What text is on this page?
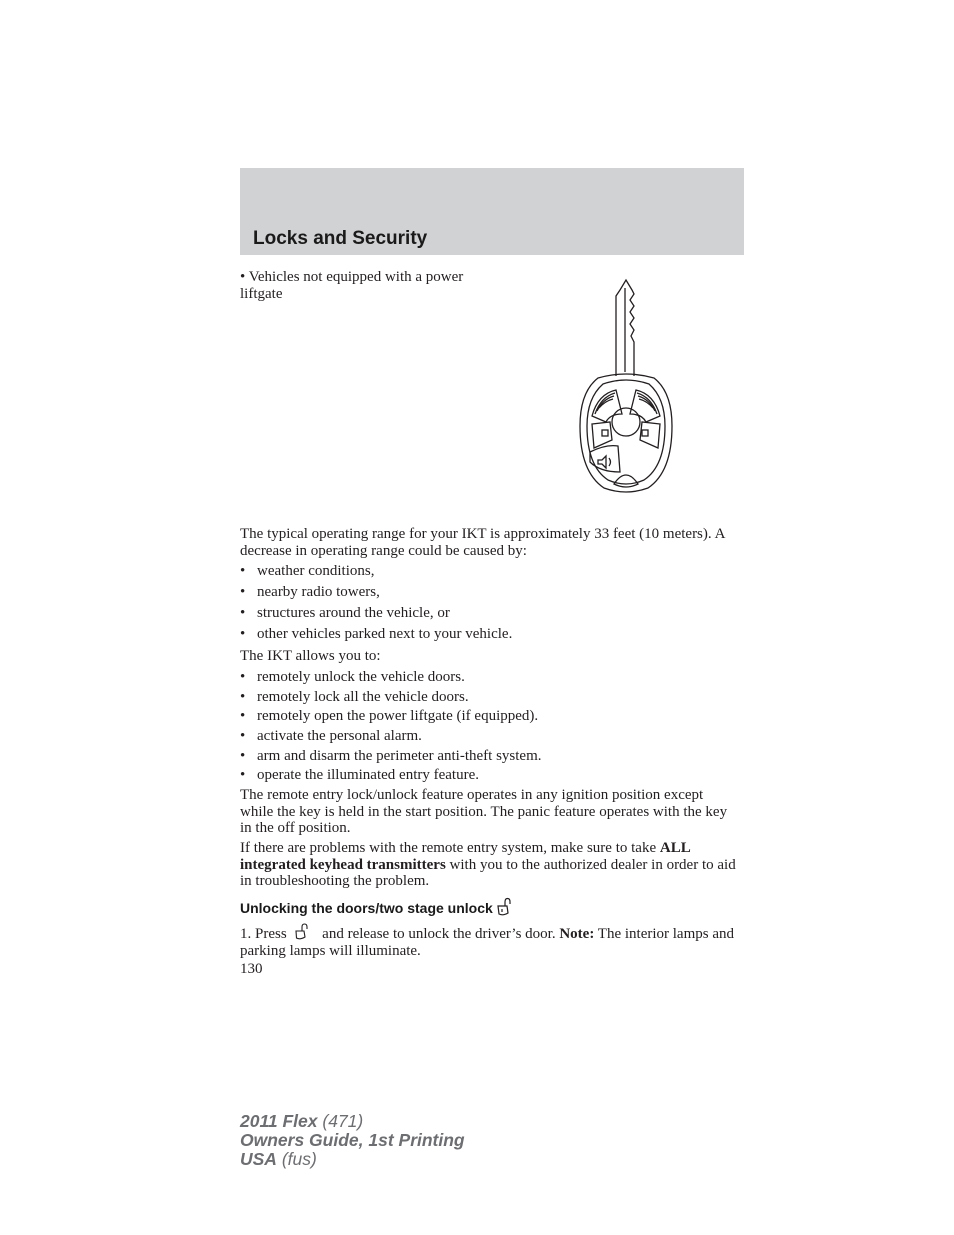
Locks and Security
• Vehicles not equipped with a power liftgate
The typical operating range for your IKT is approximately 33 feet (10 meters). A decrease in operating range could be caused by:
• weather conditions,
• nearby radio towers,
• structures around the vehicle, or
• other vehicles parked next to your vehicle.
The IKT allows you to:
• remotely unlock the vehicle doors.
• remotely lock all the vehicle doors.
• remotely open the power liftgate (if equipped).
• activate the personal alarm.
• arm and disarm the perimeter anti-theft system.
• operate the illuminated entry feature.
The remote entry lock/unlock feature operates in any ignition position except while the key is held in the start position. The panic feature operates with the key in the off position.
If there are problems with the remote entry system, make sure to take ALL integrated keyhead transmitters with you to the authorized dealer in order to aid in troubleshooting the problem.
Unlocking the doors/two stage unlock
1. Press  and release to unlock the driver’s door. Note: The interior lamps and parking lamps will illuminate.
130
2011 Flex (471)
Owners Guide, 1st Printing
USA (fus)
